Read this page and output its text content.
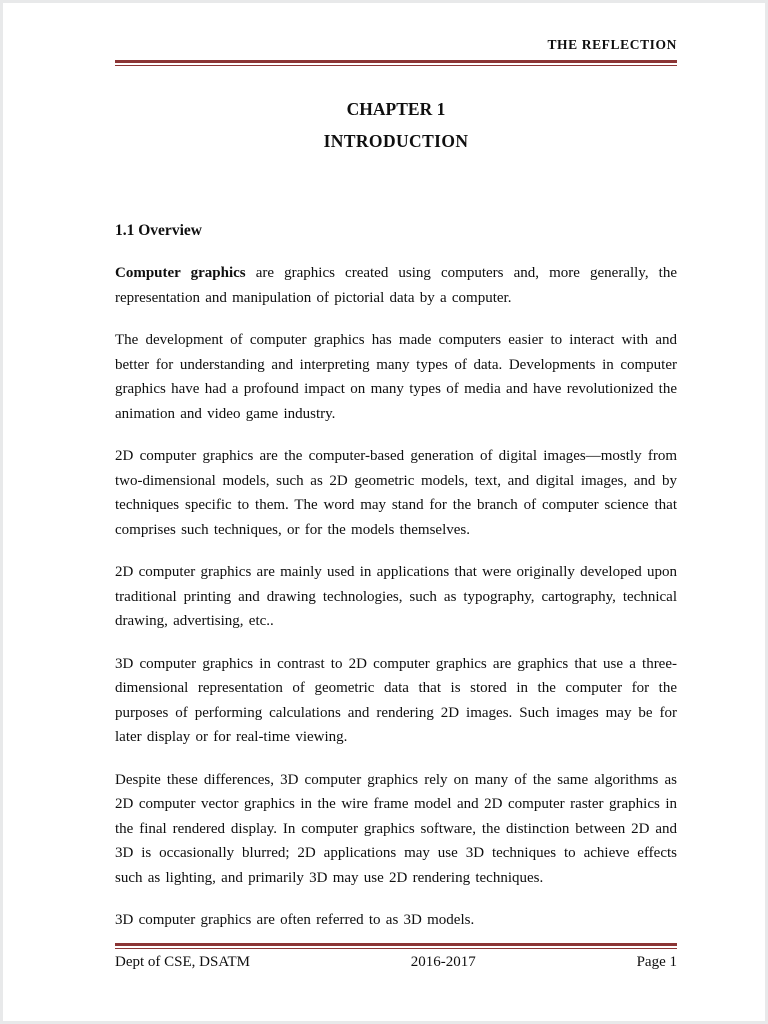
THE REFLECTION
CHAPTER 1
INTRODUCTION
1.1 Overview

Computer graphics are graphics created using computers and, more generally, the representation and manipulation of pictorial data by a computer.

The development of computer graphics has made computers easier to interact with and better for understanding and interpreting many types of data. Developments in computer graphics have had a profound impact on many types of media and have revolutionized the animation and video game industry.

2D computer graphics are the computer-based generation of digital images—mostly from two-dimensional models, such as 2D geometric models, text, and digital images, and by techniques specific to them. The word may stand for the branch of computer science that comprises such techniques, or for the models themselves.

2D computer graphics are mainly used in applications that were originally developed upon traditional printing and drawing technologies, such as typography, cartography, technical drawing, advertising, etc..

3D computer graphics in contrast to 2D computer graphics are graphics that use a three-dimensional representation of geometric data that is stored in the computer for the purposes of performing calculations and rendering 2D images. Such images may be for later display or for real-time viewing.

Despite these differences, 3D computer graphics rely on many of the same algorithms as 2D computer vector graphics in the wire frame model and 2D computer raster graphics in the final rendered display. In computer graphics software, the distinction between 2D and 3D is occasionally blurred; 2D applications may use 3D techniques to achieve effects such as lighting, and primarily 3D may use 2D rendering techniques.

3D computer graphics are often referred to as 3D models.

Dept of CSE, DSATM	2016-2017	Page 1
